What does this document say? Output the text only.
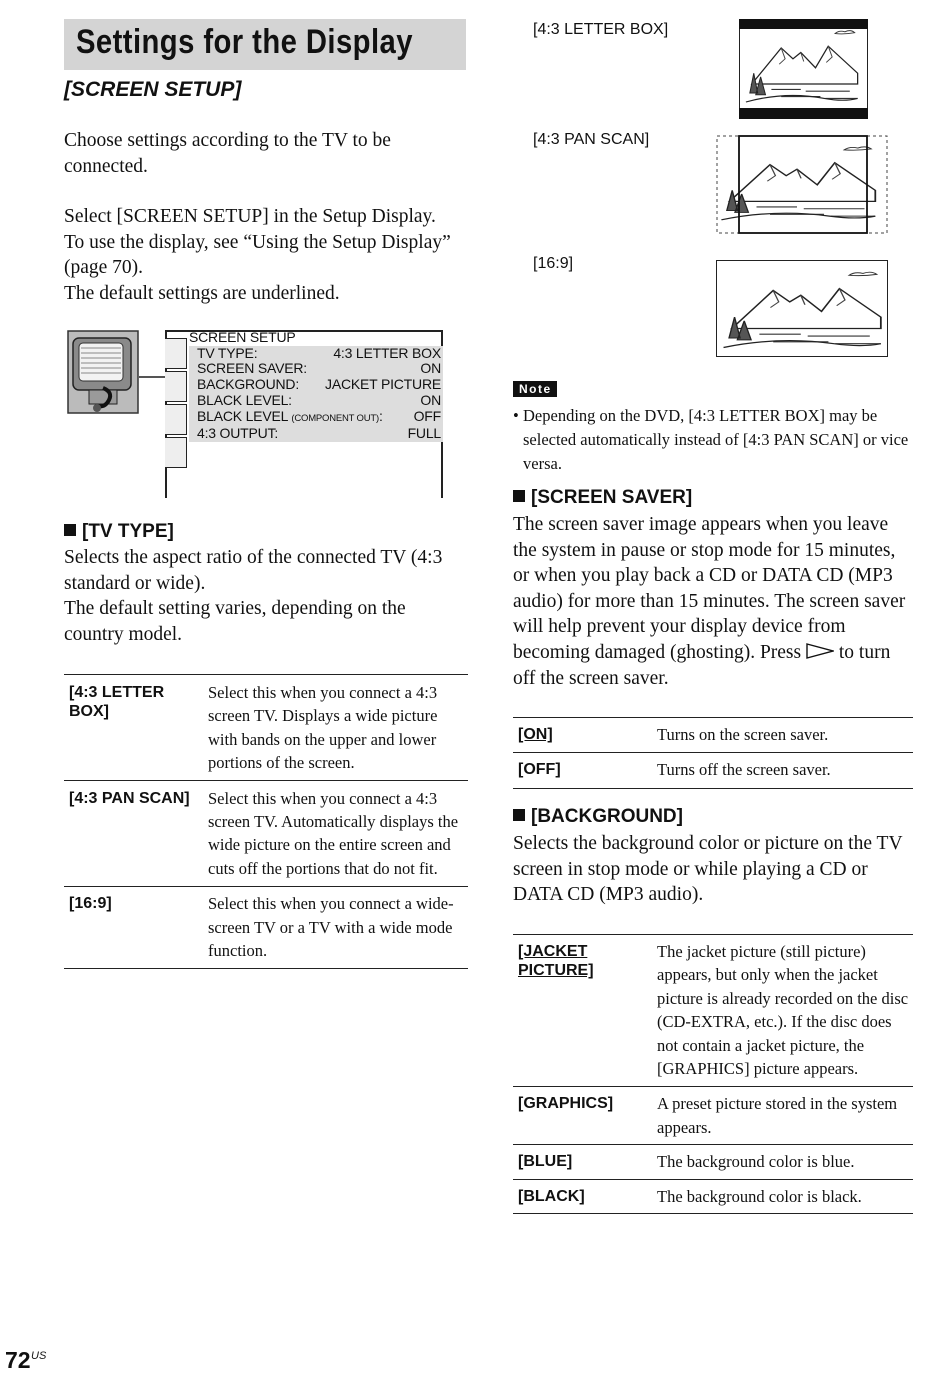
Settings for the Display
[SCREEN SETUP]

Choose settings according to the TV to be connected.

Select [SCREEN SETUP] in the Setup Display.

To use the display, see “Using the Setup Display” (page 70).

The default settings are underlined.

SCREEN SETUP
TV TYPE:	4:3 LETTER BOX
SCREEN SAVER:	ON
BACKGROUND: JACKET PICTURE
BLACK LEVEL:	ON
BLACK LEVEL (COMPONENT OUT): OFF
4:3 OUTPUT:	FULL
[TV TYPE]

Selects the aspect ratio of the connected TV (4:3 standard or wide).

The default setting varies, depending on the country model.

[4:3 LETTER BOX]	Select this when you connect a 4:3 screen TV. Displays a wide picture with bands on the upper and lower portions of the screen.
[4:3 PAN SCAN]	Select this when you connect a 4:3 screen TV. Automatically displays the wide picture on the entire screen and cuts off the portions that do not fit.
[16:9]	Select this when you connect a wide-screen TV or a TV with a wide mode function.
[4:3 LETTER BOX]
[4:3 PAN SCAN]
[16:9]
Note
• Depending on the DVD, [4:3 LETTER BOX] may be selected automatically instead of [4:3 PAN SCAN] or vice versa.
[SCREEN SAVER]
The screen saver image appears when you leave the system in pause or stop mode for 15 minutes, or when you play back a CD or DATA CD (MP3 audio) for more than 15 minutes. The screen saver will help prevent your display device from becoming damaged (ghosting). Press to turn off the screen saver.
[ON]	Turns on the screen saver.
[OFF]	Turns off the screen saver.
[BACKGROUND]
Selects the background color or picture on the TV screen in stop mode or while playing a CD or DATA CD (MP3 audio).
[JACKET PICTURE]	The jacket picture (still picture) appears, but only when the jacket picture is already recorded on the disc (CD-EXTRA, etc.). If the disc does not contain a jacket picture, the [GRAPHICS] picture appears.
[GRAPHICS]	A preset picture stored in the system appears.
[BLUE]	The background color is blue.
[BLACK]	The background color is black.
72 US
